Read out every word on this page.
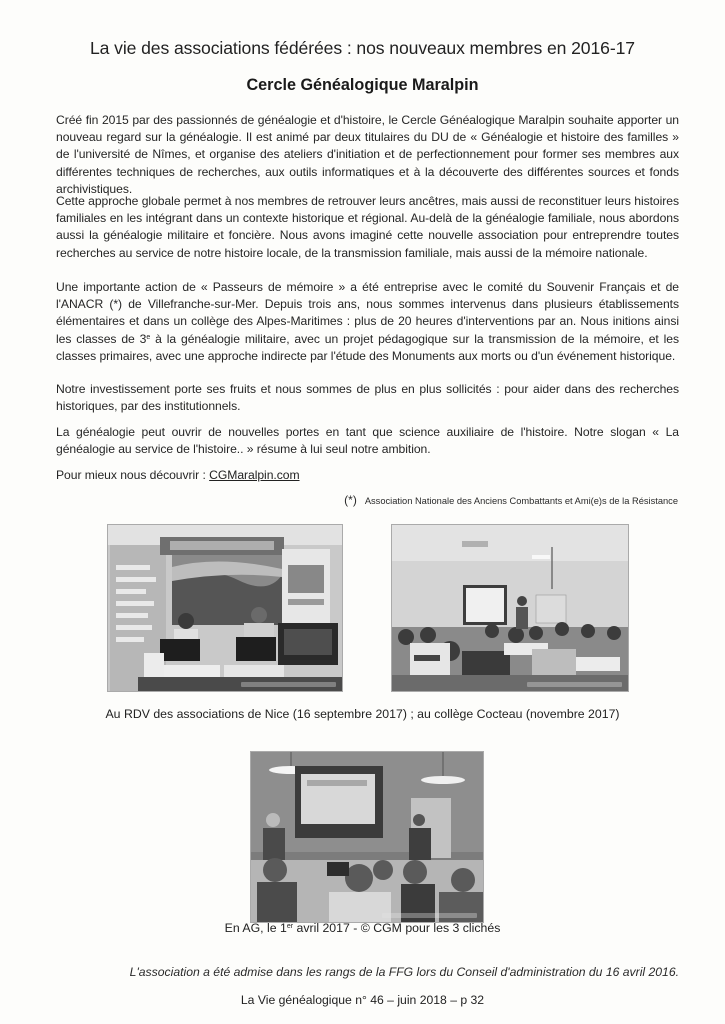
La vie des associations fédérées : nos nouveaux membres en 2016-17
Cercle Généalogique Maralpin

Créé fin 2015 par des passionnés de généalogie et d'histoire, le Cercle Généalogique Maralpin souhaite apporter un nouveau regard sur la généalogie. Il est animé par deux titulaires du DU de « Généalogie et histoire des familles » de l'université de Nîmes, et organise des ateliers d'initiation et de perfectionnement pour former ses membres aux différentes techniques de recherches, aux outils informatiques et à la découverte des différentes sources et fonds archivistiques.

Cette approche globale permet à nos membres de retrouver leurs ancêtres, mais aussi de reconstituer leurs histoires familiales en les intégrant dans un contexte historique et régional. Au-delà de la généalogie familiale, nous abordons aussi la généalogie militaire et foncière. Nous avons imaginé cette nouvelle association pour entreprendre toutes recherches au service de notre histoire locale, de la transmission familiale, mais aussi de la mémoire nationale.

Une importante action de « Passeurs de mémoire » a été entreprise avec le comité du Souvenir Français et de l'ANACR (*) de Villefranche-sur-Mer. Depuis trois ans, nous sommes intervenus dans plusieurs établissements élémentaires et dans un collège des Alpes-Maritimes : plus de 20 heures d'interventions par an. Nous initions ainsi les classes de 3e à la généalogie militaire, avec un projet pédagogique sur la transmission de la mémoire, et les classes primaires, avec une approche indirecte par l'étude des Monuments aux morts ou d'un événement historique.

Notre investissement porte ses fruits et nous sommes de plus en plus sollicités : pour aider dans des recherches historiques, par des institutionnels.

La généalogie peut ouvrir de nouvelles portes en tant que science auxiliaire de l'histoire. Notre slogan « La généalogie au service de l'histoire.. » résume à lui seul notre ambition.

Pour mieux nous découvrir : CGMaralpin.com
(*) Association Nationale des Anciens Combattants et Ami(e)s de la Résistance
Au RDV des associations de Nice (16 septembre 2017) ; au collège Cocteau (novembre 2017)
En AG, le 1er avril 2017 - © CGM pour les 3 clichés
L'association a été admise dans les rangs de la FFG lors du Conseil d'administration du 16 avril 2016.
La Vie généalogique n° 46 – juin 2018 – p 32
